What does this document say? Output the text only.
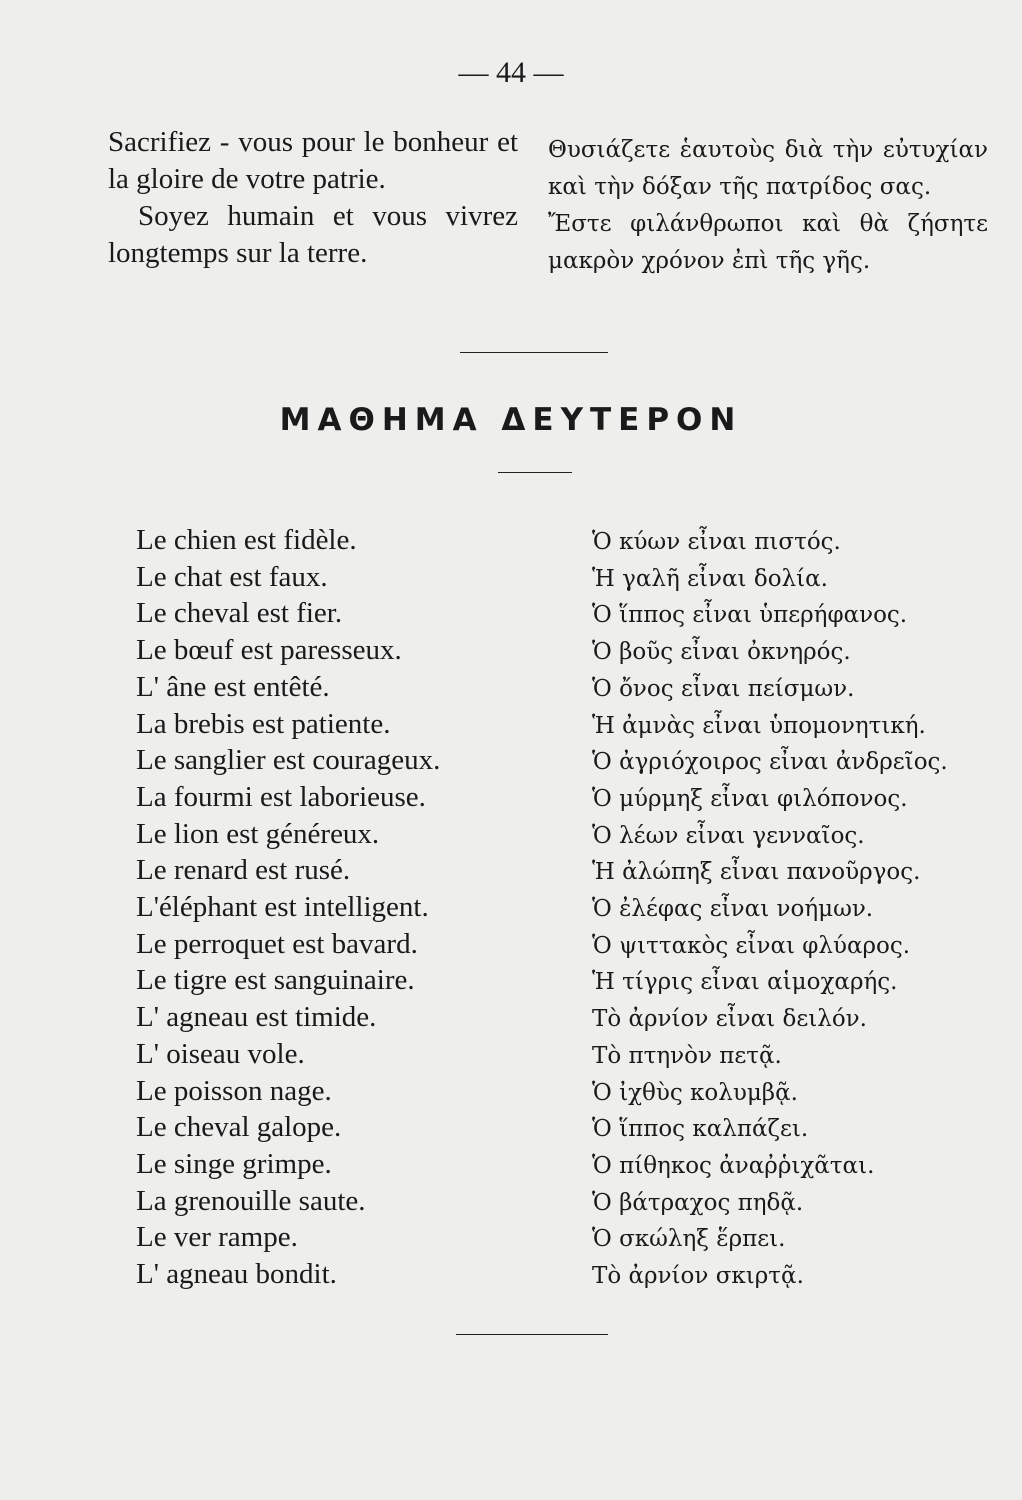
— 44 —

Sacrifiez - vous pour le bonheur et la gloire de votre patrie.

Soyez humain et vous vivrez longtemps sur la terre.

Θυσιάζετε ἑαυτοὺς διὰ τὴν εὐτυχίαν καὶ τὴν δόξαν τῆς πατρίδος σας.

Ἔστε φιλάνθρωποι καὶ θὰ ζήσητε μακρὸν χρόνον ἐπὶ τῆς γῆς.

ΜΑΘΗΜΑ ΔΕΥΤΕΡΟΝ
Le chien est fidèle.
Le chat est faux.
Le cheval est fier.
Le bœuf est paresseux.
L' âne est entêté.
La brebis est patiente.
Le sanglier est courageux.
La fourmi est laborieuse.
Le lion est généreux.
Le renard est rusé.
L'éléphant est intelligent.
Le perroquet est bavard.
Le tigre est sanguinaire.
L' agneau est timide.
L' oiseau vole.
Le poisson nage.
Le cheval galope.
Le singe grimpe.
La grenouille saute.
Le ver rampe.
L' agneau bondit.
Ὁ κύων εἶναι πιστός.
Ἡ γαλῆ εἶναι δολία.
Ὁ ἵππος εἶναι ὑπερήφανος.
Ὁ βοῦς εἶναι ὀκνηρός.
Ὁ ὄνος εἶναι πείσμων.
Ἡ ἀμνὰς εἶναι ὑπομονητική.
Ὁ ἀγριόχοιρος εἶναι ἀνδρεῖος.
Ὁ μύρμηξ εἶναι φιλόπονος.
Ὁ λέων εἶναι γενναῖος.
Ἡ ἀλώπηξ εἶναι πανοῦργος.
Ὁ ἐλέφας εἶναι νοήμων.
Ὁ ψιττακὸς εἶναι φλύαρος.
Ἡ τίγρις εἶναι αἱμοχαρής.
Τὸ ἀρνίον εἶναι δειλόν.
Τὸ πτηνὸν πετᾷ.
Ὁ ἰχθὺς κολυμβᾷ.
Ὁ ἵππος καλπάζει.
Ὁ πίθηκος ἀναῤῥιχᾶται.
Ὁ βάτραχος πηδᾷ.
Ὁ σκώληξ ἕρπει.
Τὸ ἀρνίον σκιρτᾷ.
